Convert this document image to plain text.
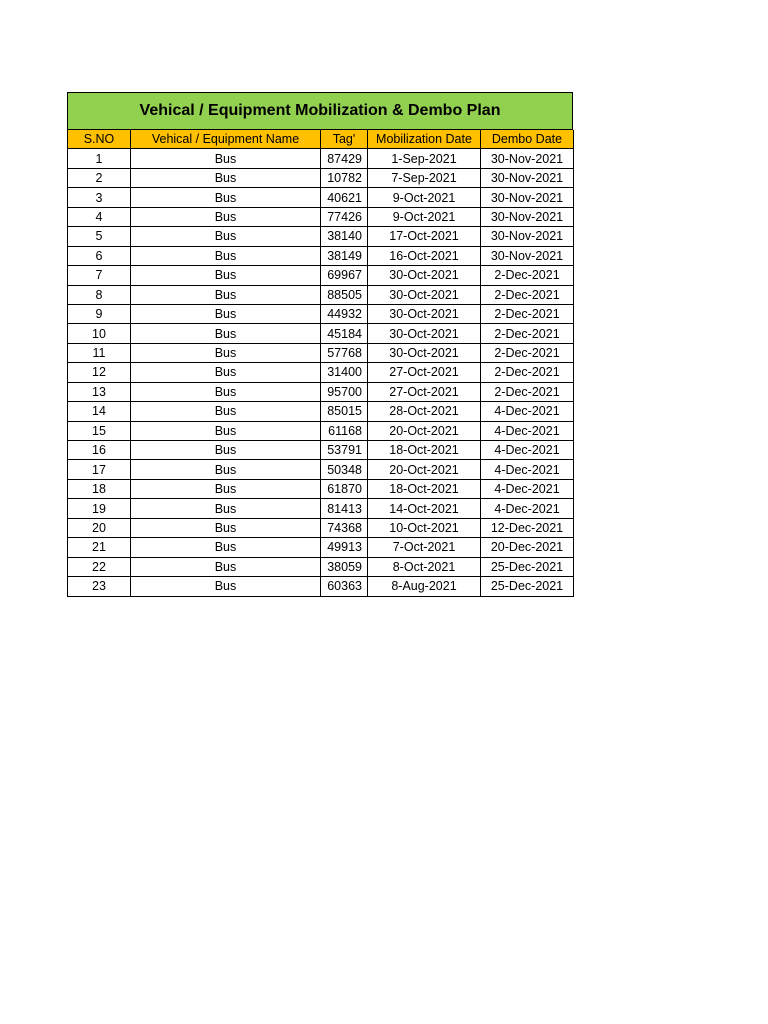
Vehical / Equipment Mobilization & Dembo Plan
S.NO	Vehical / Equipment Name	Tag'	Mobilization Date	Dembo Date
1	Bus	87429	1-Sep-2021	30-Nov-2021
2	Bus	10782	7-Sep-2021	30-Nov-2021
3	Bus	40621	9-Oct-2021	30-Nov-2021
4	Bus	77426	9-Oct-2021	30-Nov-2021
5	Bus	38140	17-Oct-2021	30-Nov-2021
6	Bus	38149	16-Oct-2021	30-Nov-2021
7	Bus	69967	30-Oct-2021	2-Dec-2021
8	Bus	88505	30-Oct-2021	2-Dec-2021
9	Bus	44932	30-Oct-2021	2-Dec-2021
10	Bus	45184	30-Oct-2021	2-Dec-2021
11	Bus	57768	30-Oct-2021	2-Dec-2021
12	Bus	31400	27-Oct-2021	2-Dec-2021
13	Bus	95700	27-Oct-2021	2-Dec-2021
14	Bus	85015	28-Oct-2021	4-Dec-2021
15	Bus	61168	20-Oct-2021	4-Dec-2021
16	Bus	53791	18-Oct-2021	4-Dec-2021
17	Bus	50348	20-Oct-2021	4-Dec-2021
18	Bus	61870	18-Oct-2021	4-Dec-2021
19	Bus	81413	14-Oct-2021	4-Dec-2021
20	Bus	74368	10-Oct-2021	12-Dec-2021
21	Bus	49913	7-Oct-2021	20-Dec-2021
22	Bus	38059	8-Oct-2021	25-Dec-2021
23	Bus	60363	8-Aug-2021	25-Dec-2021
